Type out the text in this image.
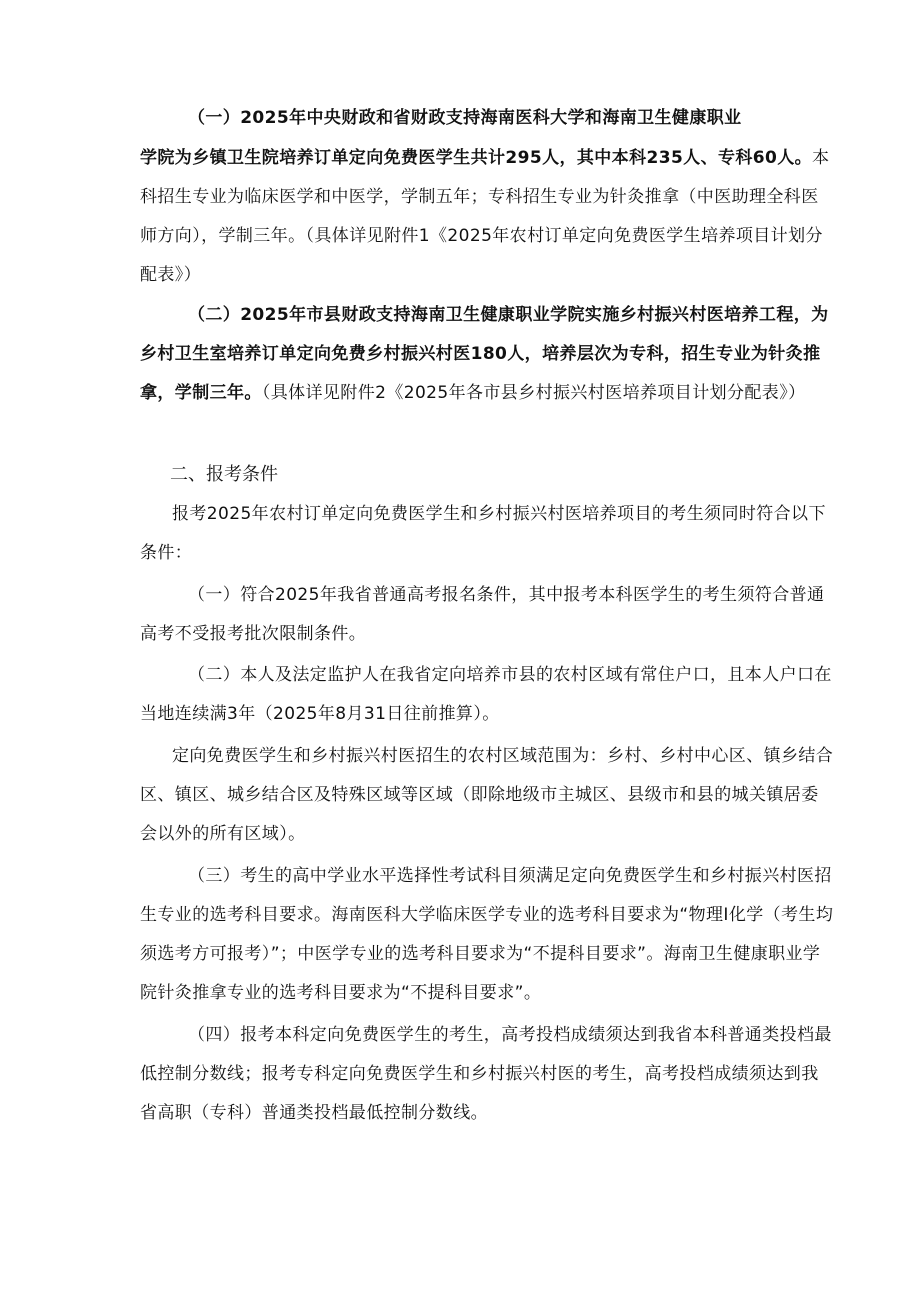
（一）2025年中央财政和省财政支持海南医科大学和海南卫生健康职业

学院为乡镇卫生院培养订单定向免费医学生共计295人，其中本科235人、专科60人。本科招生专业为临床医学和中医学，学制五年；专科招生专业为针灸推拿（中医助理全科医师方向），学制三年。（具体详见附件1《2025年农村订单定向免费医学生培养项目计划分配表》）

（二）2025年市县财政支持海南卫生健康职业学院实施乡村振兴村医培养工程，为乡村卫生室培养订单定向免费乡村振兴村医180人，培养层次为专科，招生专业为针灸推拿，学制三年。（具体详见附件2《2025年各市县乡村振兴村医培养项目计划分配表》）

二、报考条件

报考2025年农村订单定向免费医学生和乡村振兴村医培养项目的考生须同时符合以下条件：

（一）符合2025年我省普通高考报名条件，其中报考本科医学生的考生须符合普通高考不受报考批次限制条件。

（二）本人及法定监护人在我省定向培养市县的农村区域有常住户口，且本人户口在当地连续满3年（2025年8月31日往前推算）。

定向免费医学生和乡村振兴村医招生的农村区域范围为：乡村、乡村中心区、镇乡结合区、镇区、城乡结合区及特殊区域等区域（即除地级市主城区、县级市和县的城关镇居委会以外的所有区域）。

（三）考生的高中学业水平选择性考试科目须满足定向免费医学生和乡村振兴村医招生专业的选考科目要求。海南医科大学临床医学专业的选考科目要求为“物理I化学（考生均须选考方可报考）”；中医学专业的选考科目要求为“不提科目要求”。海南卫生健康职业学院针灸推拿专业的选考科目要求为“不提科目要求”。

（四）报考本科定向免费医学生的考生，高考投档成绩须达到我省本科普通类投档最低控制分数线；报考专科定向免费医学生和乡村振兴村医的考生，高考投档成绩须达到我省高职（专科）普通类投档最低控制分数线。
